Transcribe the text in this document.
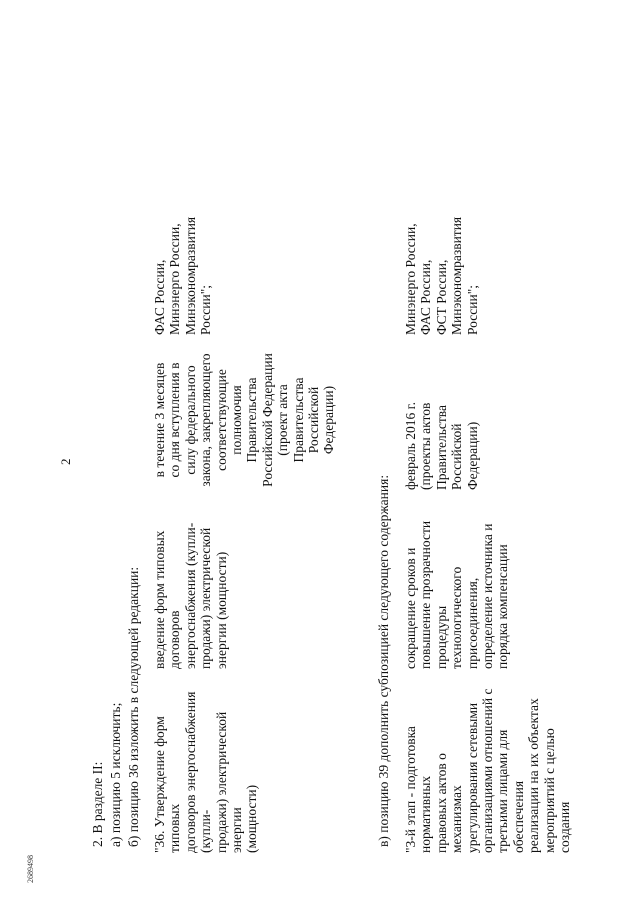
2
2. В разделе II: а) позицию 5 исключить; б) позицию 36 изложить в следующей редакции: "36. Утверждение форм типовых договоров энергоснабжения (купли- продажи) электрической энергии (мощности)
введение форм типовых договоров энергоснабжения (купли- продажи) электрической энергии (мощности)
в течение 3 месяцев со дня вступления в силу федерального закона, закрепляющего соответствующие полномочия Правительства Российской Федерации (проект акта Правительства Российской Федерации)
ФАС России, Минэнерго России, Минэкономразвития России";
в) позицию 39 дополнить субпозицией следующего содержания: "3-й этап - подготовка нормативных правовых актов о механизмах урегулирования сетевыми организациями отношений с третьими лицами для обеспечения реализации на их объектах мероприятий с целью создания
сокращение сроков и повышение прозрачности процедуры технологического присоединения, определение источника и порядка компенсации
февраль 2016 г. (проекты актов Правительства Российской Федерации)
Минэнерго России, ФАС России, ФСТ России, Минэкономразвития России";
2689498
